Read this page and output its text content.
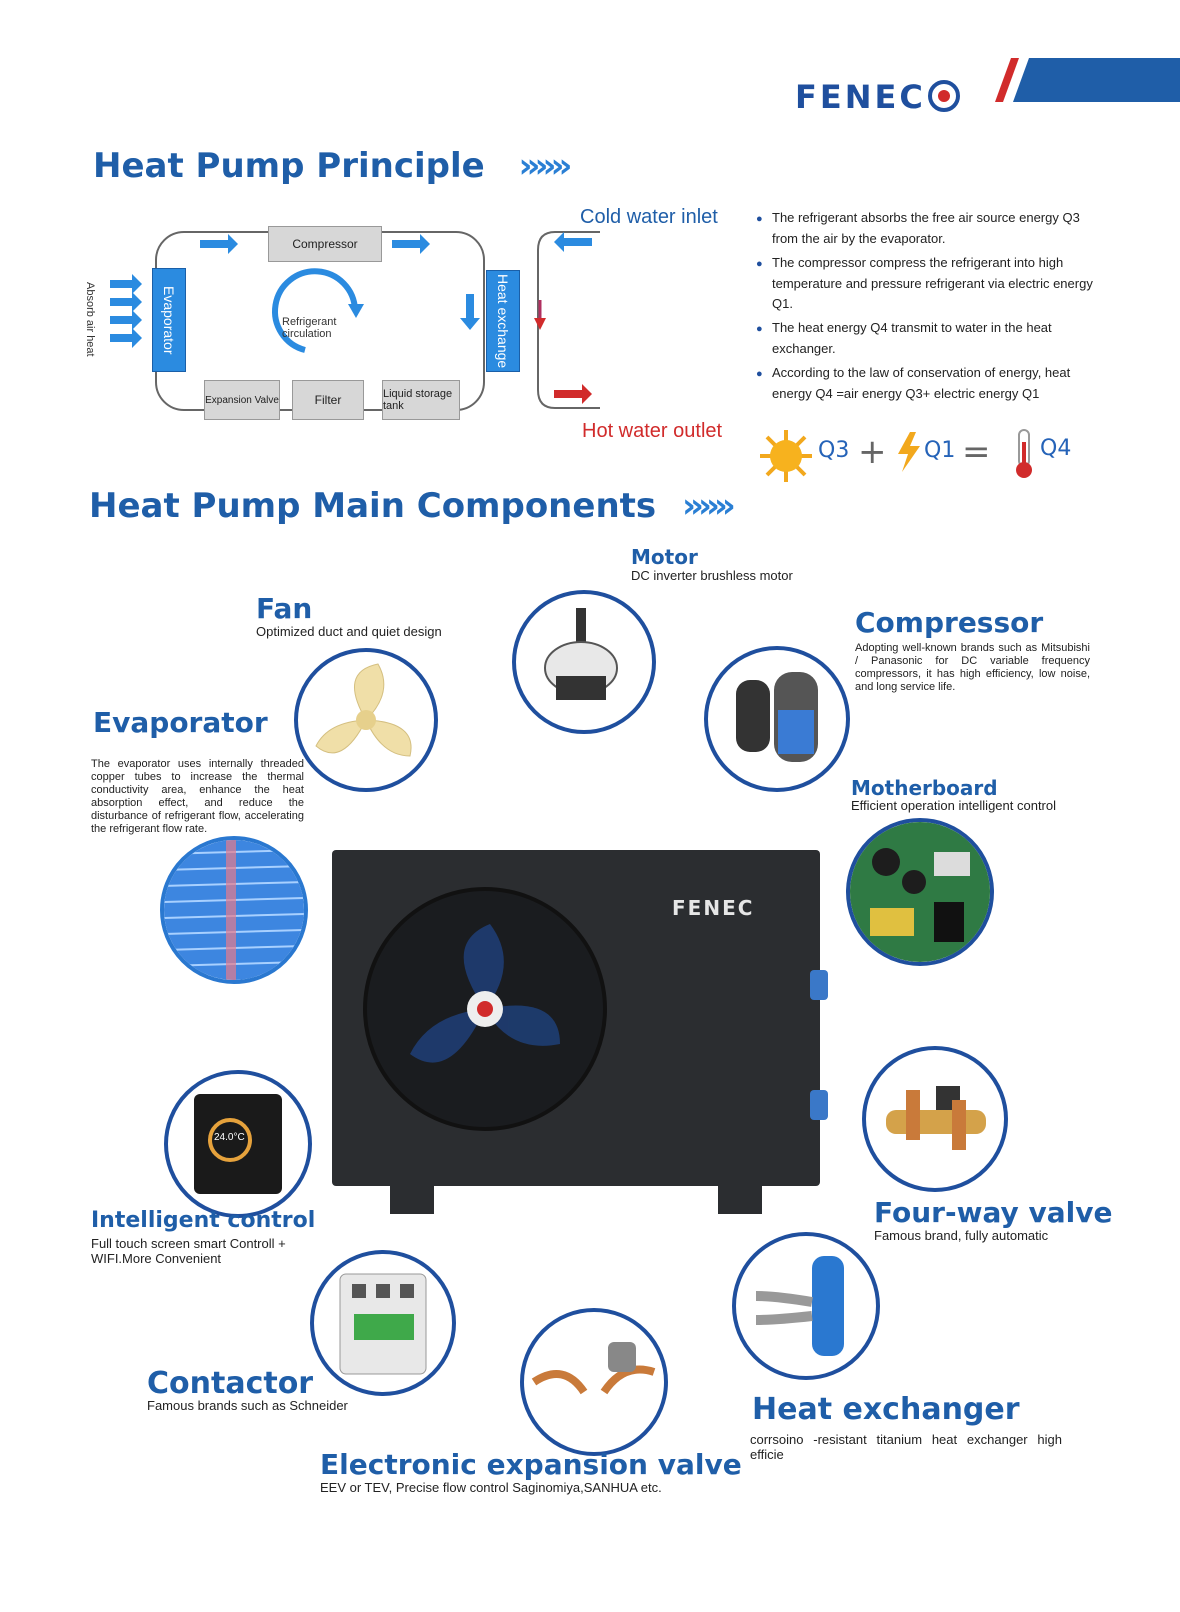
FENEC
Heat Pump Principle »»»
Absorb air heat	Evaporator
Compressor
Heat exchange
Refrigerant circulation
Expansion Valve	Filter	Liquid storage tank
Cold water inlet
Hot water outlet
● The refrigerant absorbs the free air source energy Q3 from the air by the evaporator.
● The compressor compress the refrigerant into high temperature and pressure refrigerant via electric energy Q1.
● The heat energy Q4 transmit to water in the heat exchanger.
● According to the law of conservation of energy, heat energy Q4 =air energy Q3+ electric energy Q1
Q3 + Q1 = Q4
Heat Pump Main Components »»»
Motor
DC inverter brushless motor
Fan
Optimized duct and quiet design	Compressor
Adopting well-known brands such as Mitsubishi / Panasonic for DC variable frequency compressors, it has high efficiency, low noise, and long service life.
Evaporator
The evaporator uses internally threaded copper tubes to increase the thermal conductivity area, enhance the heat absorption effect, and reduce the disturbance of refrigerant flow, accelerating the refrigerant flow rate.
Motherboard
Efficient operation intelligent control
FENEC
24.0°C
Intelligent control
Full touch screen smart Controll + WIFI.More Convenient
Four-way valve
Famous brand, fully automatic
Contactor
Famous brands such as Schneider	Heat exchanger
corrsoino -resistant titanium heat exchanger high efficie
Electronic expansion valve
EEV or TEV, Precise flow control Saginomiya,SANHUA etc.
